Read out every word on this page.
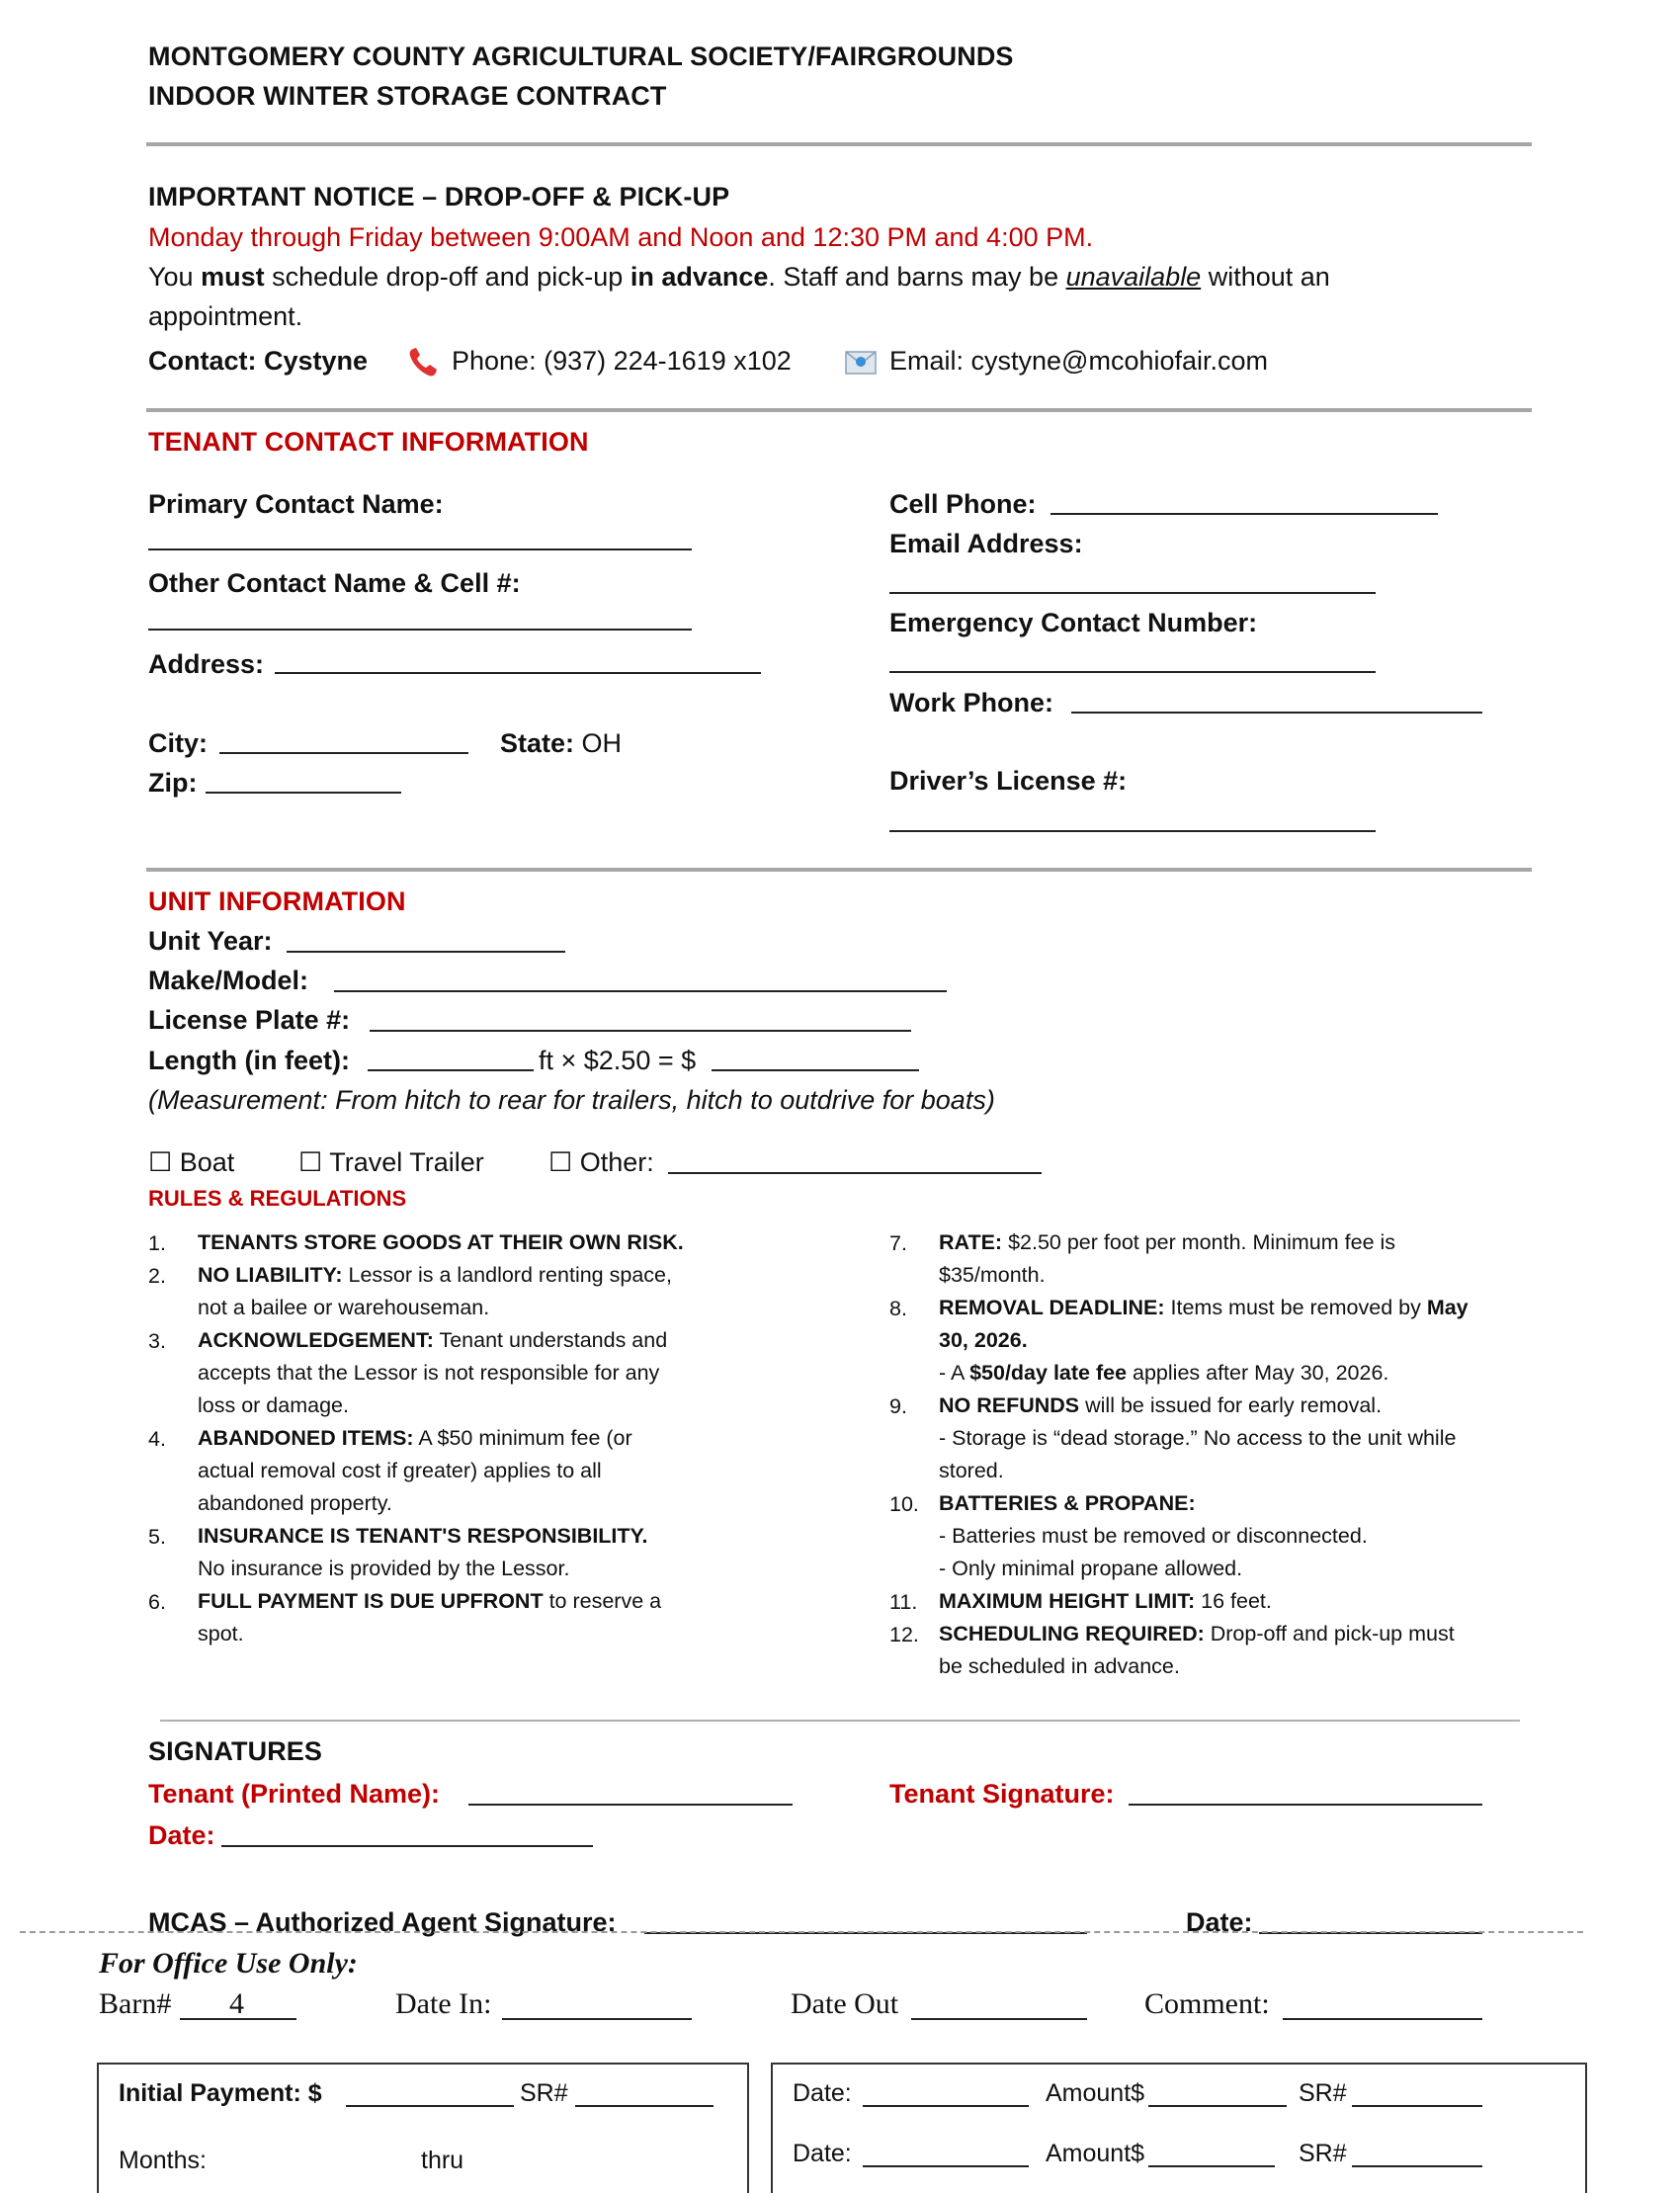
MONTGOMERY COUNTY AGRICULTURAL SOCIETY/FAIRGROUNDS
INDOOR WINTER STORAGE CONTRACT
IMPORTANT NOTICE – DROP-OFF & PICK-UP
Monday through Friday between 9:00AM and Noon and 12:30 PM and 4:00 PM.
You must schedule drop-off and pick-up in advance. Staff and barns may be unavailable without an
appointment.
Contact: Cystyne	Phone: (937) 224-1619 x102	Email: cystyne@mcohiofair.com
TENANT CONTACT INFORMATION
Primary Contact Name:
Other Contact Name & Cell #:
Address:
City:	State: OH
Zip:
Cell Phone:
Email Address:
Emergency Contact Number:
Work Phone:
Driver’s License #:
UNIT INFORMATION
Unit Year:
Make/Model:
License Plate #:
Length (in feet):	ft × $2.50 = $
(Measurement: From hitch to rear for trailers, hitch to outdrive for boats)
☐ Boat ☐ Travel Trailer ☐ Other:
RULES & REGULATIONS
1. TENANTS STORE GOODS AT THEIR OWN RISK.
2. NO LIABILITY: Lessor is a landlord renting space,
not a bailee or warehouseman.
3. ACKNOWLEDGEMENT: Tenant understands and
accepts that the Lessor is not responsible for any
loss or damage.
4. ABANDONED ITEMS: A $50 minimum fee (or
actual removal cost if greater) applies to all
abandoned property.
5. INSURANCE IS TENANT'S RESPONSIBILITY.
No insurance is provided by the Lessor.
6. FULL PAYMENT IS DUE UPFRONT to reserve a
spot.
7. RATE: $2.50 per foot per month. Minimum fee is
$35/month.
8. REMOVAL DEADLINE: Items must be removed by May
30, 2026.
- A $50/day late fee applies after May 30, 2026.
9. NO REFUNDS will be issued for early removal.
- Storage is “dead storage.” No access to the unit while
stored.
10. BATTERIES & PROPANE:
- Batteries must be removed or disconnected.
- Only minimal propane allowed.
11. MAXIMUM HEIGHT LIMIT: 16 feet.
12. SCHEDULING REQUIRED: Drop-off and pick-up must
be scheduled in advance.
SIGNATURES
Tenant (Printed Name):	Tenant Signature:
Date:
MCAS – Authorized Agent Signature:	Date:
For Office Use Only:
Barn# 4	Date In:	Date Out	Comment:
Initial Payment: $	SR#
Months:	thru
Date:	Amount$	SR#
Date:	Amount$	SR#
